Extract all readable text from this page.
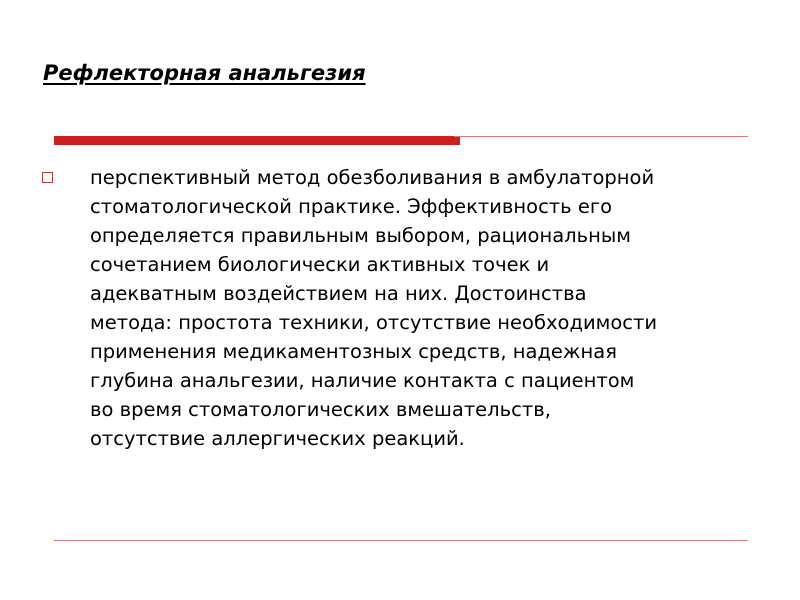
Рефлекторная анальгезия
перспективный метод обезболивания в амбулаторной
стоматологической практике. Эффективность его
определяется правильным выбором, рациональным
сочетанием биологически активных точек и
адекватным воздействием на них. Достоинства
метода: простота техники, отсутствие необходимости
применения медикаментозных средств, надежная
глубина анальгезии, наличие контакта с пациентом
во время стоматологических вмешательств,
отсутствие аллергических реакций.
